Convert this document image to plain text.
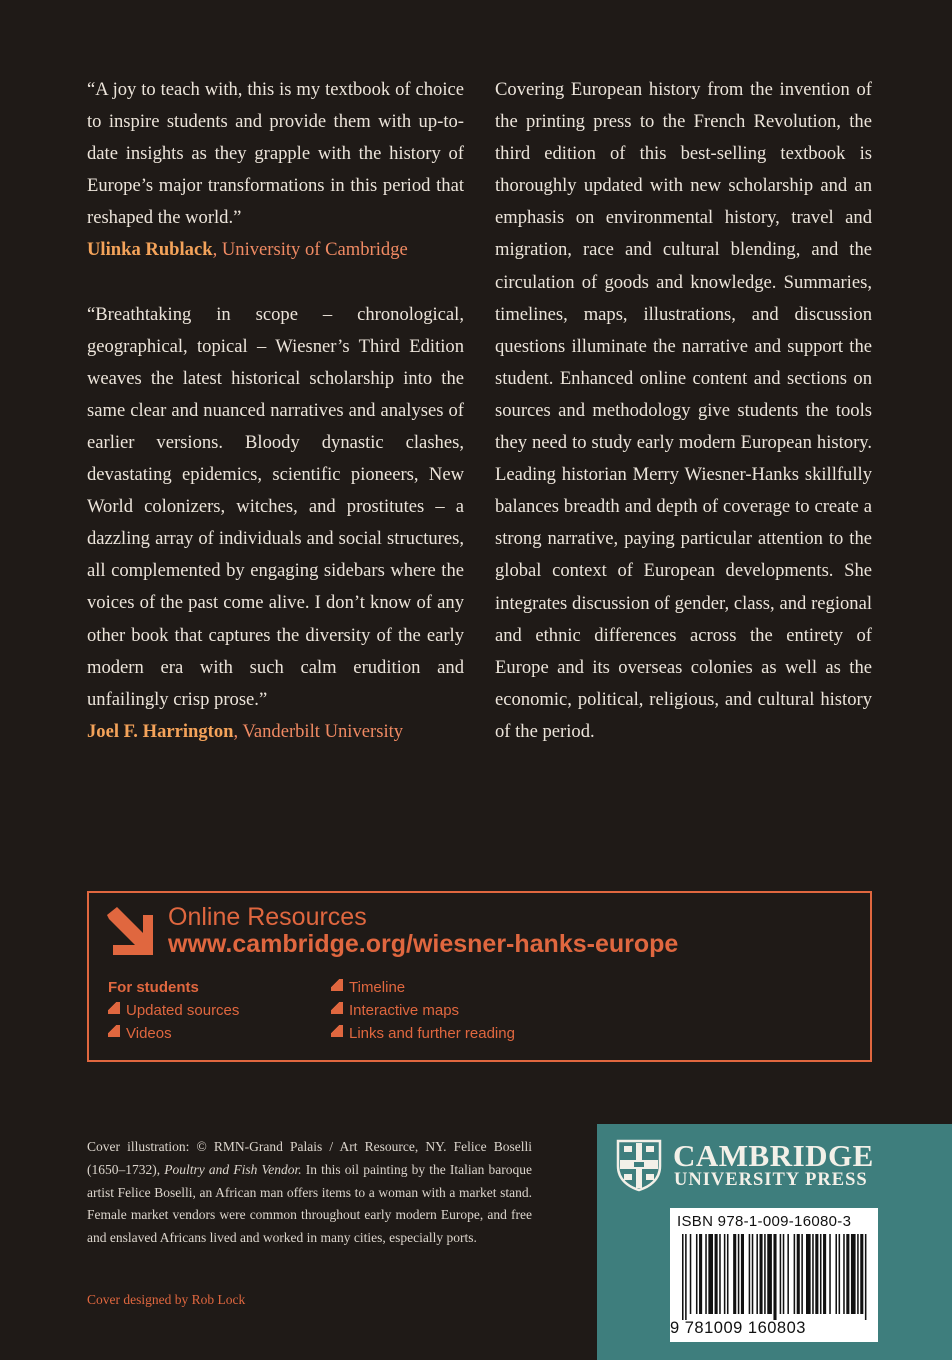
“A joy to teach with, this is my textbook of choice to inspire students and provide them with up-to-date insights as they grapple with the history of Europe’s major transformations in this period that reshaped the world.”

Ulinka Rublack, University of Cambridge

“Breathtaking in scope – chronological, geographical, topical – Wiesner’s Third Edition weaves the latest historical scholarship into the same clear and nuanced narratives and analyses of earlier versions. Bloody dynastic clashes, devastating epidemics, scientific pioneers, New World colonizers, witches, and prostitutes – a dazzling array of individuals and social structures, all complemented by engaging sidebars where the voices of the past come alive. I don’t know of any other book that captures the diversity of the early modern era with such calm erudition and unfailingly crisp prose.”

Joel F. Harrington, Vanderbilt University
Covering European history from the invention of the printing press to the French Revolution, the third edition of this best-selling textbook is thoroughly updated with new scholarship and an emphasis on environmental history, travel and migration, race and cultural blending, and the circulation of goods and knowledge. Summaries, timelines, maps, illustrations, and discussion questions illuminate the narrative and support the student. Enhanced online content and sections on sources and methodology give students the tools they need to study early modern European history. Leading historian Merry Wiesner-Hanks skillfully balances breadth and depth of coverage to create a strong narrative, paying particular attention to the global context of European developments. She integrates discussion of gender, class, and regional and ethnic differences across the entirety of Europe and its overseas colonies as well as the economic, political, religious, and cultural history of the period.
Online Resources
www.cambridge.org/wiesner-hanks-europe
For students
Updated sources
Videos
Timeline
Interactive maps
Links and further reading
Cover illustration: © RMN-Grand Palais / Art Resource, NY. Felice Boselli (1650–1732), Poultry and Fish Vendor. In this oil painting by the Italian baroque artist Felice Boselli, an African man offers items to a woman with a market stand. Female market vendors were common throughout early modern Europe, and free and enslaved Africans lived and worked in many cities, especially ports.
Cover designed by Rob Lock
CAMBRIDGE
UNIVERSITY PRESS
ISBN 978-1-009-16080-3
9 781009 160803
